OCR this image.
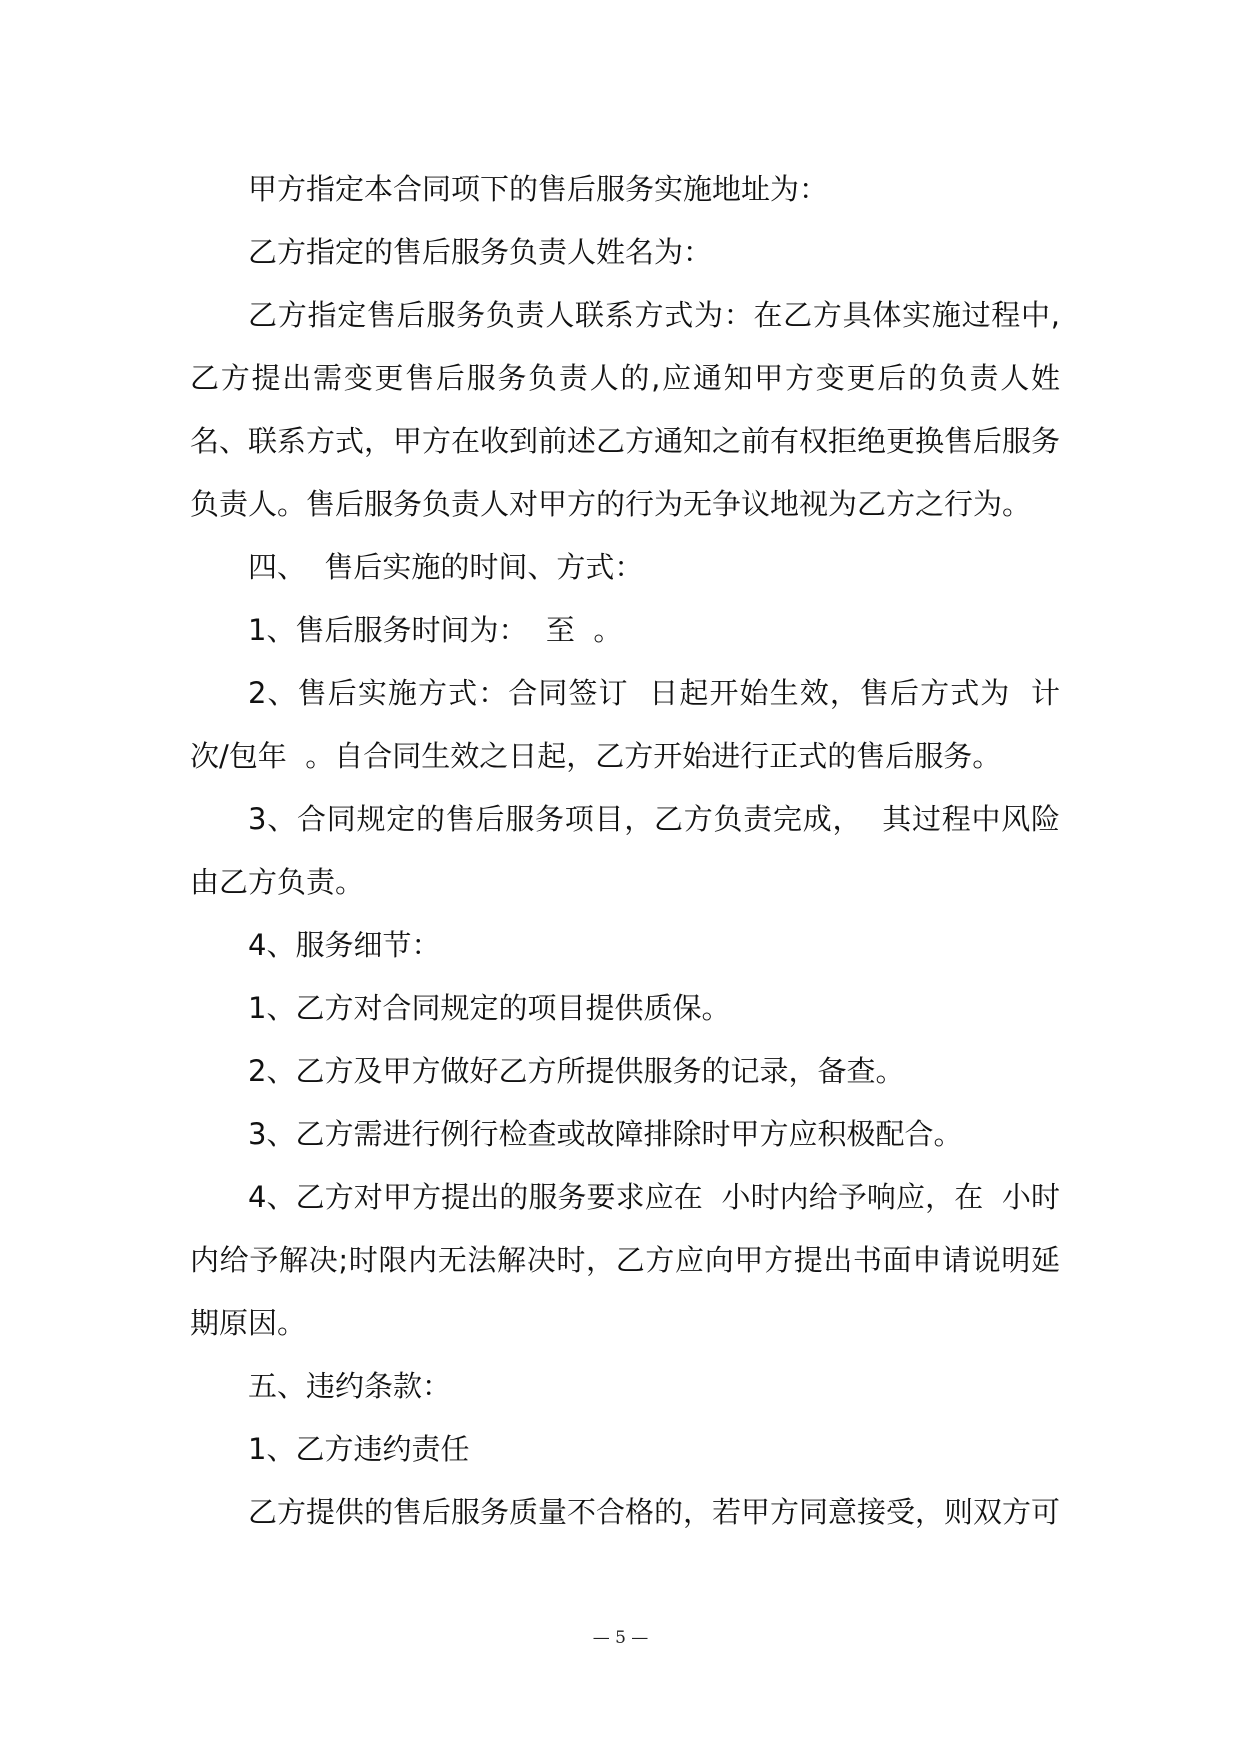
甲方指定本合同项下的售后服务实施地址为：

乙方指定的售后服务负责人姓名为：

乙方指定售后服务负责人联系方式为：在乙方具体实施过程中,乙方提出需变更售后服务负责人的,应通知甲方变更后的负责人姓名、联系方式，甲方在收到前述乙方通知之前有权拒绝更换售后服务负责人。售后服务负责人对甲方的行为无争议地视为乙方之行为。

四、  售后实施的时间、方式：

1、售后服务时间为：  至  。

2、售后实施方式：合同签订  日起开始生效，售后方式为  计次/包年  。自合同生效之日起，乙方开始进行正式的售后服务。

3、合同规定的售后服务项目，乙方负责完成，  其过程中风险由乙方负责。

4、服务细节：

1、乙方对合同规定的项目提供质保。

2、乙方及甲方做好乙方所提供服务的记录，备查。

3、乙方需进行例行检查或故障排除时甲方应积极配合。

4、乙方对甲方提出的服务要求应在  小时内给予响应，在  小时内给予解决;时限内无法解决时，乙方应向甲方提出书面申请说明延期原因。

五、违约条款：

1、乙方违约责任

乙方提供的售后服务质量不合格的，若甲方同意接受，则双方可

— 5 —
